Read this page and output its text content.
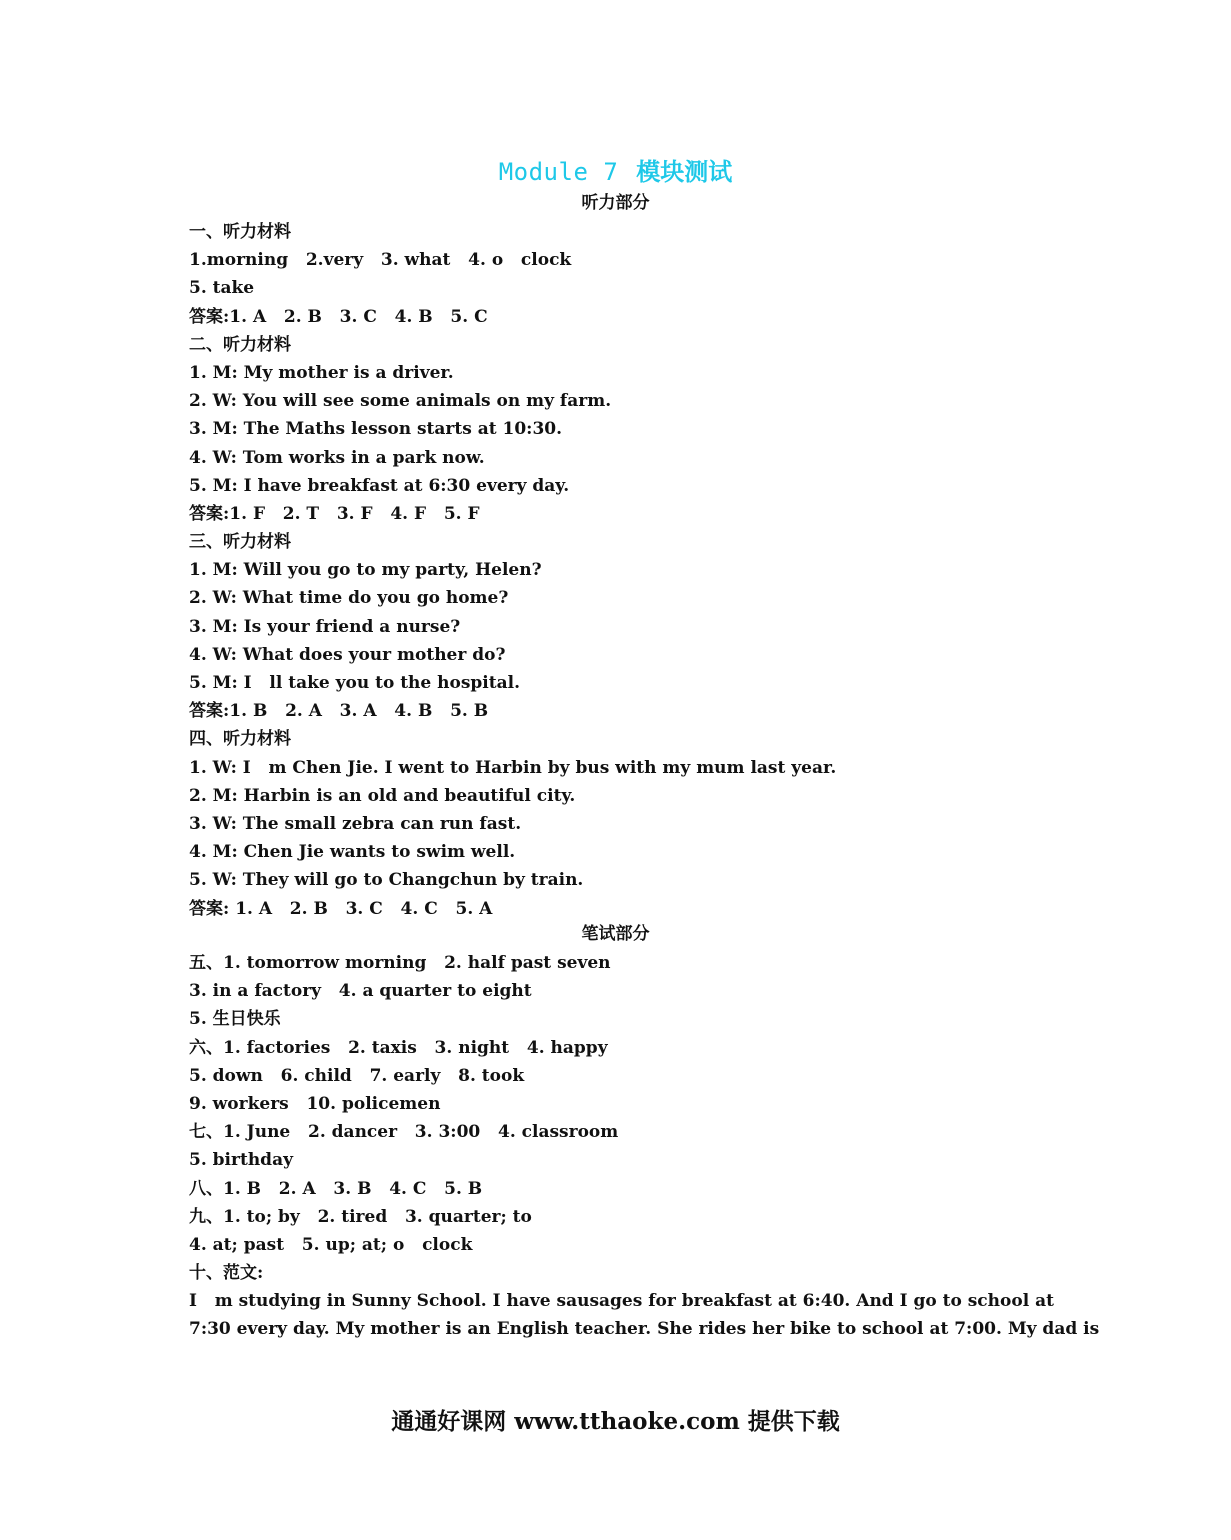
Module 7 模块测试
听力部分
一、听力材料
1.morning   2.very   3. what   4. o   clock
5. take
答案:1. A   2. B   3. C   4. B   5. C
二、听力材料
1. M: My mother is a driver.
2. W: You will see some animals on my farm.
3. M: The Maths lesson starts at 10:30.
4. W: Tom works in a park now.
5. M: I have breakfast at 6:30 every day.
答案:1. F   2. T   3. F   4. F   5. F
三、听力材料
1. M: Will you go to my party, Helen?
2. W: What time do you go home?
3. M: Is your friend a nurse?
4. W: What does your mother do?
5. M: I   ll take you to the hospital.
答案:1. B   2. A   3. A   4. B   5. B
四、听力材料
1. W: I   m Chen Jie. I went to Harbin by bus with my mum last year.
2. M: Harbin is an old and beautiful city.
3. W: The small zebra can run fast.
4. M: Chen Jie wants to swim well.
5. W: They will go to Changchun by train.
答案: 1. A   2. B   3. C   4. C   5. A
笔试部分
五、1. tomorrow morning   2. half past seven
3. in a factory   4. a quarter to eight
5. 生日快乐
六、1. factories   2. taxis   3. night   4. happy
5. down   6. child   7. early   8. took
9. workers   10. policemen
七、1. June   2. dancer   3. 3:00   4. classroom
5. birthday
八、1. B   2. A   3. B   4. C   5. B
九、1. to; by   2. tired   3. quarter; to
4. at; past   5. up; at; o   clock
十、范文:
I   m studying in Sunny School. I have sausages for breakfast at 6:40. And I go to school at
7:30 every day. My mother is an English teacher. She rides her bike to school at 7:00. My dad is
通通好课网 www.tthaoke.com 提供下载
